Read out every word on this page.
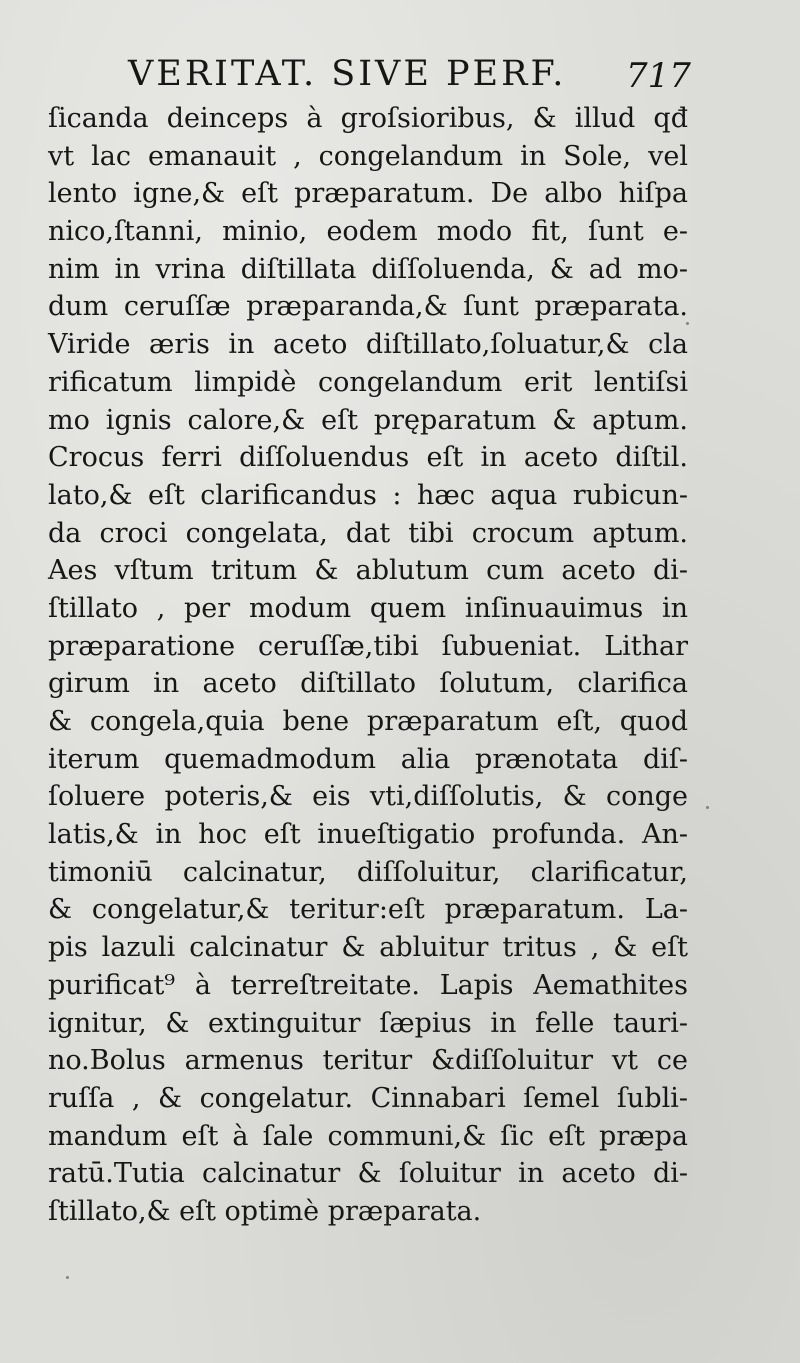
VERITAT. SIVE PERF. 717
ſicanda deinceps à groſsioribus, & illud qđ
vt lac emanauit , congelandum in Sole, vel
lento igne,& eſt præparatum. De albo hiſpa
nico,ſtanni, minio, eodem modo fit, ſunt e-
nim in vrina diſtillata diſſoluenda, & ad mo-
dum ceruſſæ præparanda,& ſunt præparata.
Viride æris in aceto diſtillato,ſoluatur,& cla
rificatum limpidè congelandum erit lentiſsi
mo ignis calore,& eſt pręparatum & aptum.
Crocus ferri diſſoluendus eſt in aceto diſtil.
lato,& eſt clarificandus : hæc aqua rubicun-
da croci congelata, dat tibi crocum aptum.
Aes vſtum tritum & ablutum cum aceto di-
ſtillato , per modum quem inſinuauimus in
præparatione ceruſſæ,tibi ſubueniat. Lithar
girum in aceto diſtillato ſolutum, clarifica
& congela,quia bene præparatum eſt, quod
iterum quemadmodum alia prænotata diſ-
ſoluere poteris,& eis vti,diſſolutis, & conge
latis,& in hoc eſt inueſtigatio profunda. An-
timoniū calcinatur, diſſoluitur, clarificatur,
& congelatur,& teritur:eſt præparatum. La-
pis lazuli calcinatur & abluitur tritus , & eſt
purificat⁹ à terreſtreitate. Lapis Aemathites
ignitur, & extinguitur ſæpius in felle tauri-
no.Bolus armenus teritur &diſſoluitur vt ce
ruſſa , & congelatur. Cinnabari ſemel ſubli-
mandum eſt à ſale communi,& ſic eſt præpa
ratū.Tutia calcinatur & ſoluitur in aceto di-
ſtillato,& eſt optimè præparata.
